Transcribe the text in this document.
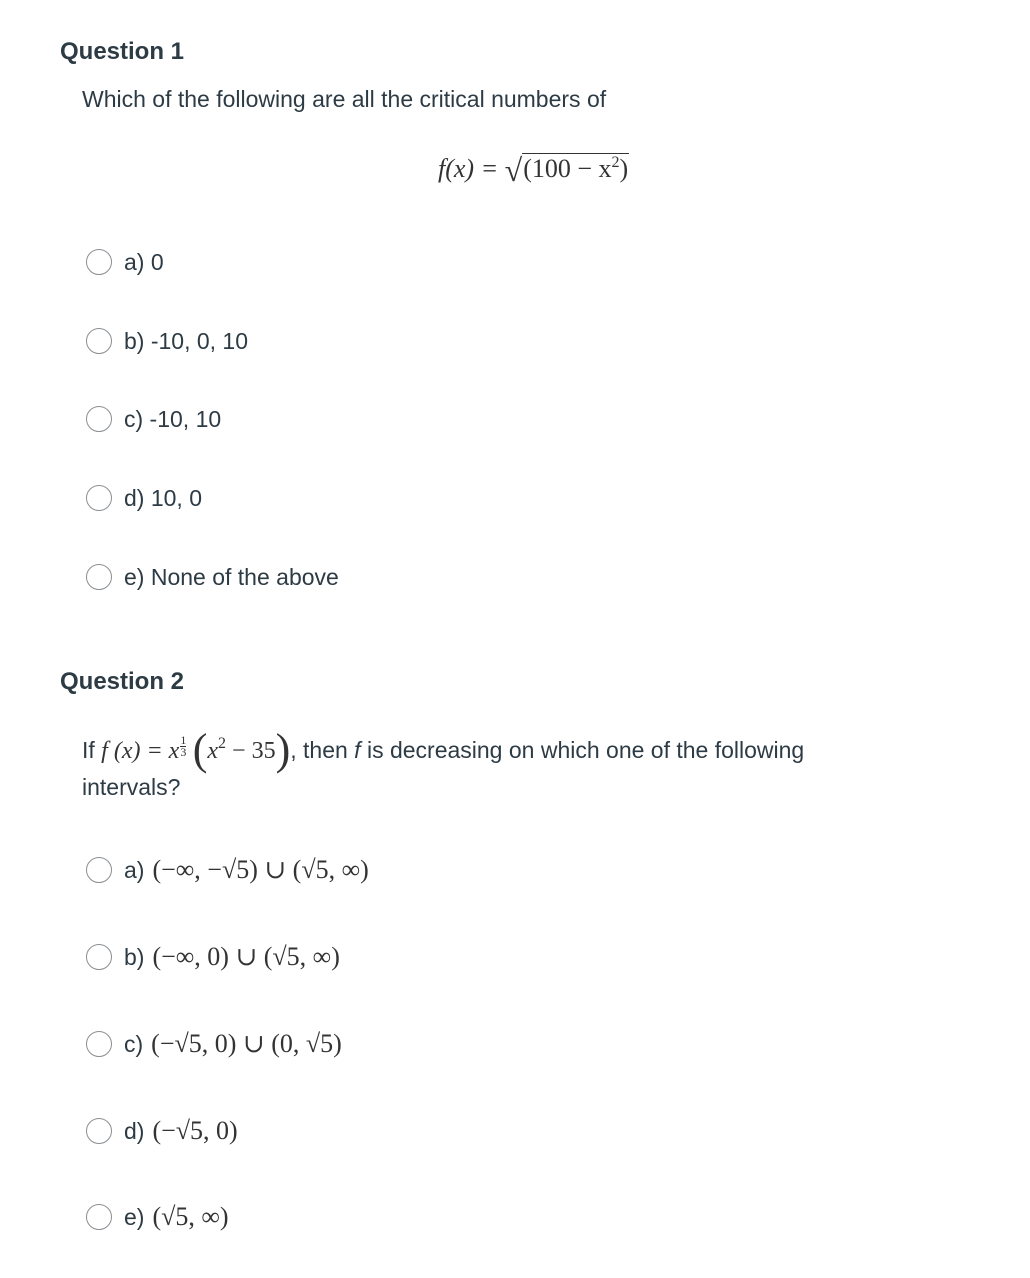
Question 1
Which of the following are all the critical numbers of
$f(x) = √(100 - x^2)$
a) 0
b) -10, 0, 10
c) -10, 10
d) 10, 0
e) None of the above
Question 2
If f (x) = x $\frac{1}{3} (x^2 - 35)$, then f is decreasing on which one of the following
intervals?
a) (−∞, −√5) ∪ (√5, ∞)
b) (−∞, 0) ∪ (√5, ∞)
c) (−√5, 0) ∪ (0, √5)
d) (−√5, 0)
e) (√5, ∞)
